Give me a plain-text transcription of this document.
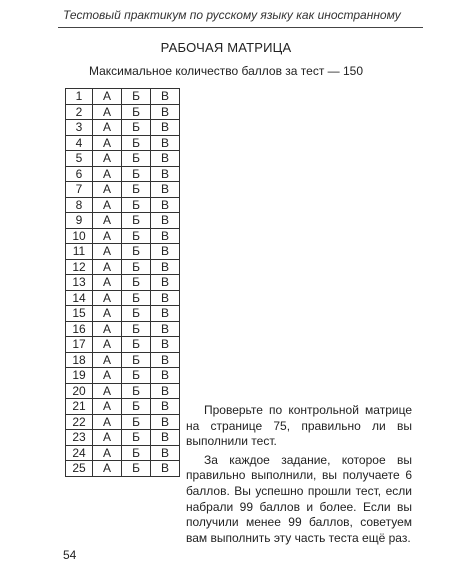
Тестовый практикум по русскому языку как иностранному
РАБОЧАЯ МАТРИЦА
Максимальное количество баллов за тест — 150
1	А	Б	В
2	А	Б	В
3	А	Б	В
4	А	Б	В
5	А	Б	В
6	А	Б	В
7	А	Б	В
8	А	Б	В
9	А	Б	В
10	А	Б	В
11	А	Б	В
12	А	Б	В
13	А	Б	В
14	А	Б	В
15	А	Б	В
16	А	Б	В
17	А	Б	В
18	А	Б	В
19	А	Б	В
20	А	Б	В
21	А	Б	В
22	А	Б	В
23	А	Б	В
24	А	Б	В
25	А	Б	В

Проверьте по контрольной матрице на странице 75, правильно ли вы выполнили тест.

За каждое задание, которое вы правильно выполнили, вы получаете 6 баллов. Вы успешно прошли тест, если набрали 99 баллов и более. Если вы получили менее 99 баллов, советуем вам выполнить эту часть теста ещё раз.

54
